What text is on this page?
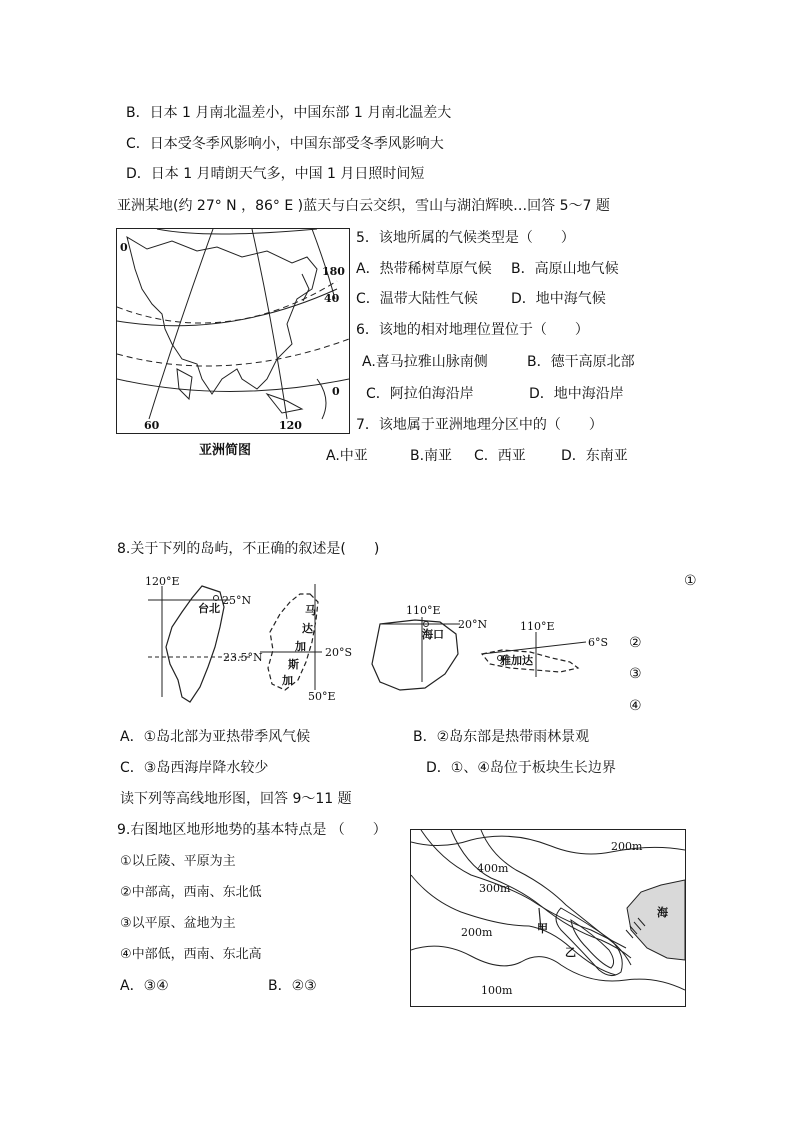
B．日本 1 月南北温差小，中国东部 1 月南北温差大
C．日本受冬季风影响小，中国东部受冬季风影响大
D．日本 1 月晴朗天气多，中国 1 月日照时间短
亚洲某地(约 27° N ，86° E )蓝天与白云交织，雪山与湖泊辉映…回答 5～7 题
0
180
40
0
60	120
亚洲简图
5．该地所属的气候类型是（　　）
A．热带稀树草原气候 B．高原山地气候
C．温带大陆性气候 D．地中海气候
6．该地的相对地理位置位于（　　）
A.喜马拉雅山脉南侧	B．德干高原北部
C．阿拉伯海沿岸	D．地中海沿岸
7．该地属于亚洲地理分区中的（　　）
A.中亚	B.南亚 C．西亚	D．东南亚
8.关于下列的岛屿，不正确的叙述是(　　)
①
②
③
④
120°E
25°N
23.5°N
台北	马
达
加
斯
加
20°S
50°E
110°E
20°N
海口
110°E
6°S
雅加达
A．①岛北部为亚热带季风气候	B．②岛东部是热带雨林景观
C．③岛西海岸降水较少	D．①、④岛位于板块生长边界
读下列等高线地形图，回答 9～11 题
9.右图地区地形地势的基本特点是 （　　）
①以丘陵、平原为主
②中部高，西南、东北低
③以平原、盆地为主
④中部低，西南、东北高
A．③④	B．②③
200m
400m
300m
200m
100m
甲
乙
海
